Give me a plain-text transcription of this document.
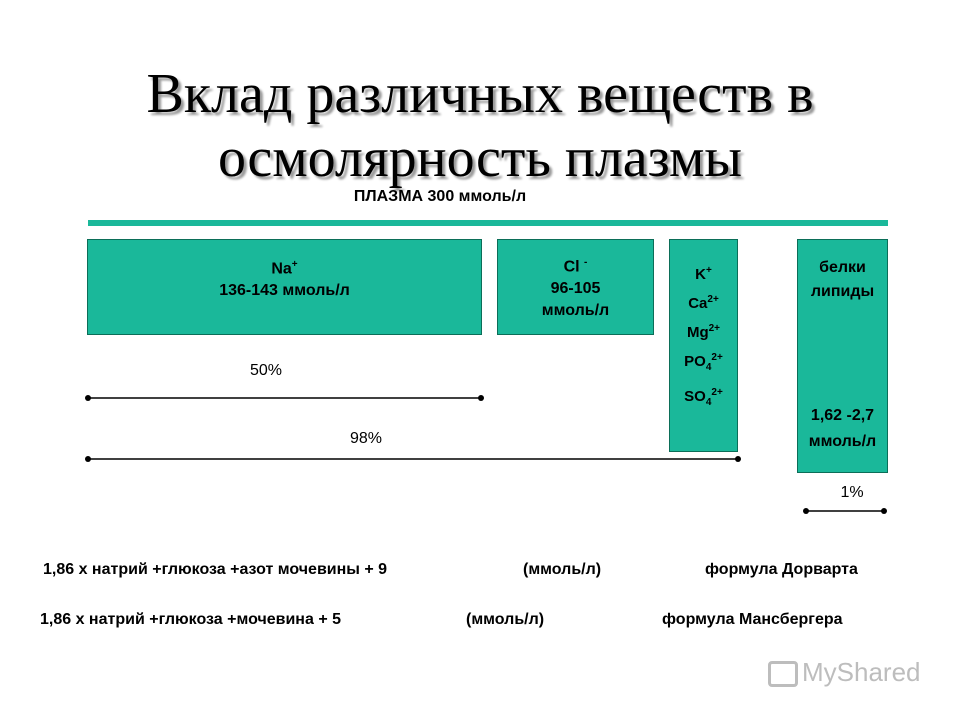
Вклад различных веществ в
осмолярность плазмы
ПЛАЗМА 300 ммоль/л
Na+
136-143 ммоль/л
Cl -
96-105
ммоль/л
K+
$Ca^{2+}$
$Mg^{2+}$
$PO_4^{2+}$
$SO_4^{2+}$
белки
липиды
1,62 -2,7
ммоль/л
50%
98%
1%
1,86 х натрий +глюкоза +азот мочевины + 9	(ммоль/л)	формула Дорварта
1,86 х натрий +глюкоза +мочевина + 5	(ммоль/л)	формула Мансбергера
MyShared
